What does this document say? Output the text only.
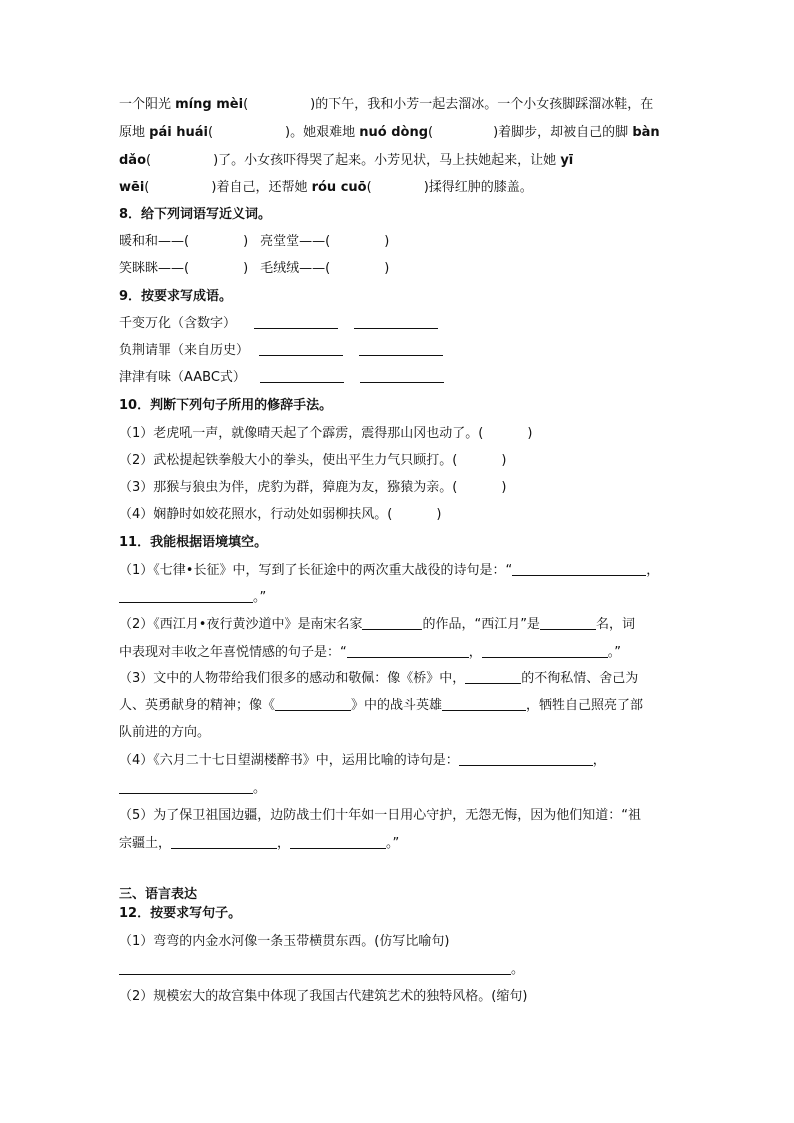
一个阳光 míng mèi(	)的下午，我和小芳一起去溜冰。一个小女孩脚踩溜冰鞋，在
原地 pái huái(	)。她艰难地 nuó dòng(	)着脚步，却被自己的脚 bàn
dǎo(	)了。小女孩吓得哭了起来。小芳见状，马上扶她起来，让她 yī
wēi(	)着自己，还帮她 róu cuō(	)揉得红肿的膝盖。
8．给下列词语写近义词。
暖和和——(	) 亮堂堂——(	)
笑眯眯——(	) 毛绒绒——(	)
9．按要求写成语。
千变万化（含数字）
负荆请罪（来自历史）
津津有味（AABC式）
10．判断下列句子所用的修辞手法。
（1）老虎吼一声，就像晴天起了个霹雳，震得那山冈也动了。(	)
（2）武松提起铁拳般大小的拳头，使出平生力气只顾打。(	)
（3）那猴与狼虫为伴，虎豹为群，獐鹿为友，猕猿为亲。(	)
（4）娴静时如姣花照水，行动处如弱柳扶风。(	)
11．我能根据语境填空。
（1）《七律•长征》中，写到了长征途中的两次重大战役的诗句是：“	，
。”
（2）《西江月•夜行黄沙道中》是南宋名家	的作品，“西江月”是	名，词
中表现对丰收之年喜悦情感的句子是：“	，	。”
（3）文中的人物带给我们很多的感动和敬佩：像《桥》中，	的不徇私情、舍己为
人、英勇献身的精神；像《	》中的战斗英雄	，牺牲自己照亮了部
队前进的方向。
（4）《六月二十七日望湖楼醉书》中，运用比喻的诗句是：	，
。
（5）为了保卫祖国边疆，边防战士们十年如一日用心守护，无怨无悔，因为他们知道：“祖
宗疆土，	，	。”
三、语言表达
12．按要求写句子。
（1）弯弯的内金水河像一条玉带横贯东西。(仿写比喻句)
。
（2）规模宏大的故宫集中体现了我国古代建筑艺术的独特风格。(缩句)
